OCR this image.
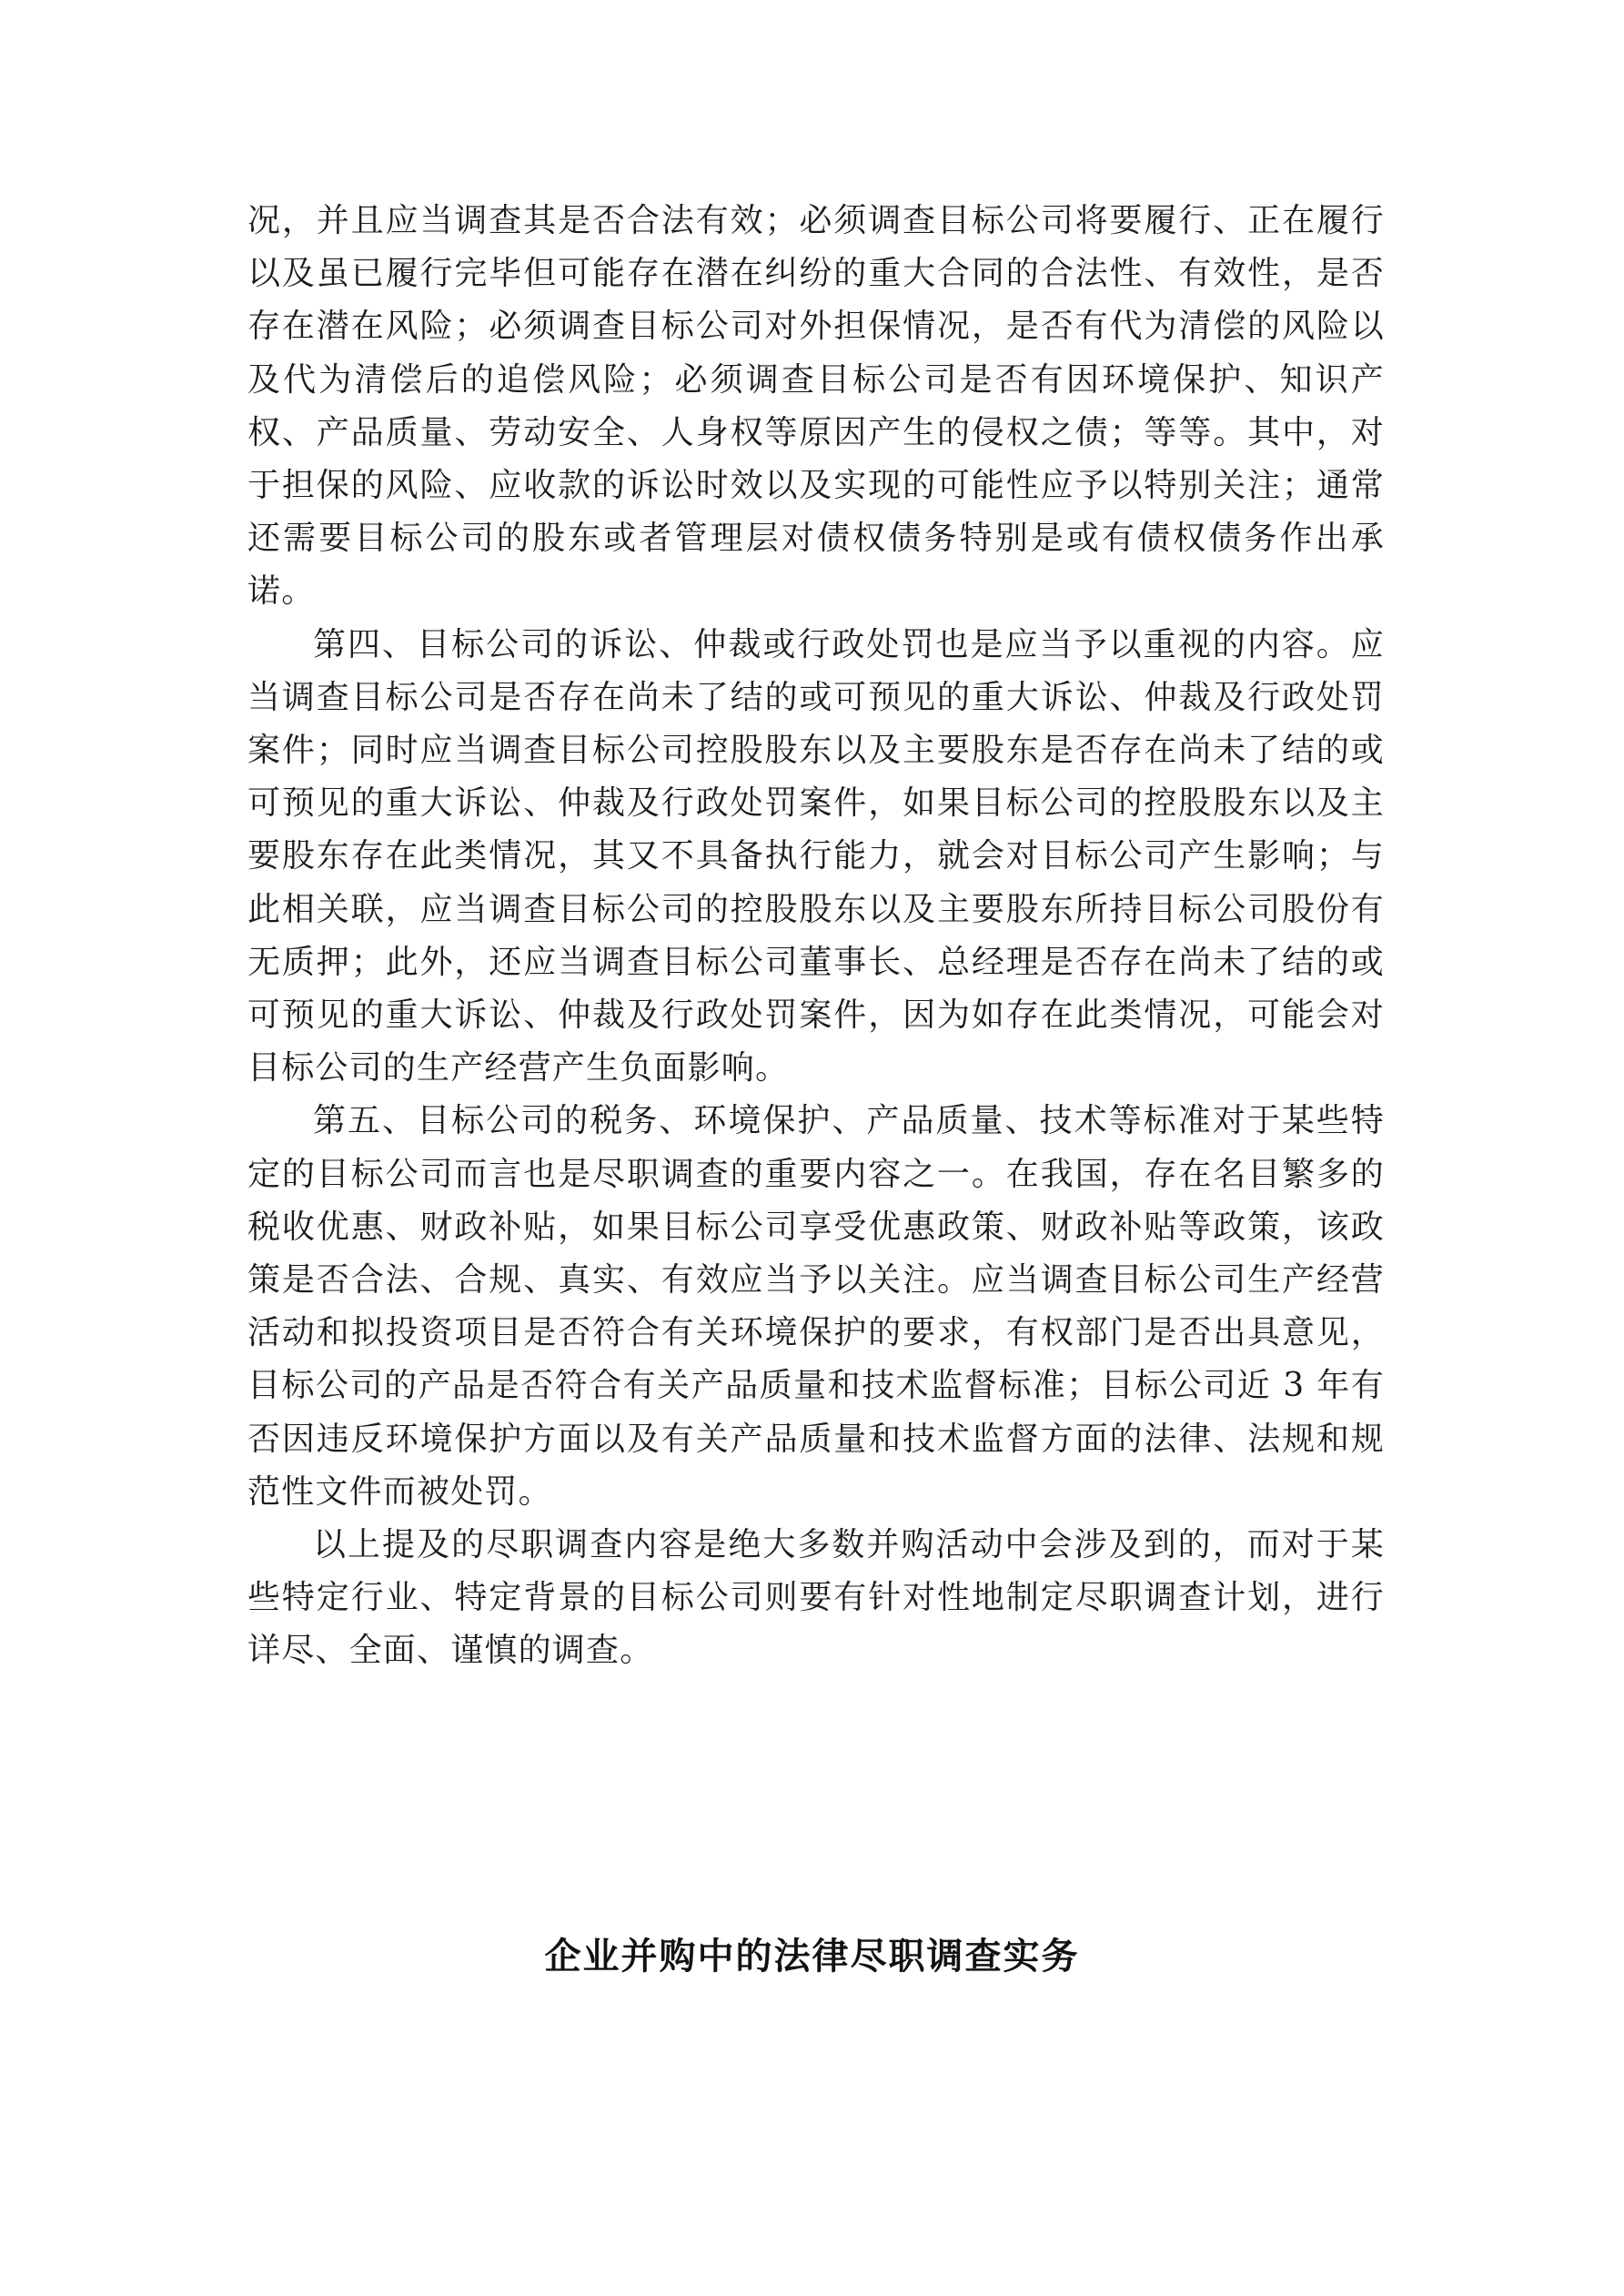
况，并且应当调查其是否合法有效；必须调查目标公司将要履行、正在履行以及虽已履行完毕但可能存在潜在纠纷的重大合同的合法性、有效性，是否存在潜在风险；必须调查目标公司对外担保情况，是否有代为清偿的风险以及代为清偿后的追偿风险；必须调查目标公司是否有因环境保护、知识产权、产品质量、劳动安全、人身权等原因产生的侵权之债；等等。其中，对于担保的风险、应收款的诉讼时效以及实现的可能性应予以特别关注；通常还需要目标公司的股东或者管理层对债权债务特别是或有债权债务作出承诺。

第四、目标公司的诉讼、仲裁或行政处罚也是应当予以重视的内容。应当调查目标公司是否存在尚未了结的或可预见的重大诉讼、仲裁及行政处罚案件；同时应当调查目标公司控股股东以及主要股东是否存在尚未了结的或可预见的重大诉讼、仲裁及行政处罚案件，如果目标公司的控股股东以及主要股东存在此类情况，其又不具备执行能力，就会对目标公司产生影响；与此相关联，应当调查目标公司的控股股东以及主要股东所持目标公司股份有无质押；此外，还应当调查目标公司董事长、总经理是否存在尚未了结的或可预见的重大诉讼、仲裁及行政处罚案件，因为如存在此类情况，可能会对目标公司的生产经营产生负面影响。

第五、目标公司的税务、环境保护、产品质量、技术等标准对于某些特定的目标公司而言也是尽职调查的重要内容之一。在我国，存在名目繁多的税收优惠、财政补贴，如果目标公司享受优惠政策、财政补贴等政策，该政策是否合法、合规、真实、有效应当予以关注。应当调查目标公司生产经营活动和拟投资项目是否符合有关环境保护的要求，有权部门是否出具意见，目标公司的产品是否符合有关产品质量和技术监督标准；目标公司近 3 年有否因违反环境保护方面以及有关产品质量和技术监督方面的法律、法规和规范性文件而被处罚。

以上提及的尽职调查内容是绝大多数并购活动中会涉及到的，而对于某些特定行业、特定背景的目标公司则要有针对性地制定尽职调查计划，进行详尽、全面、谨慎的调查。

企业并购中的法律尽职调查实务
